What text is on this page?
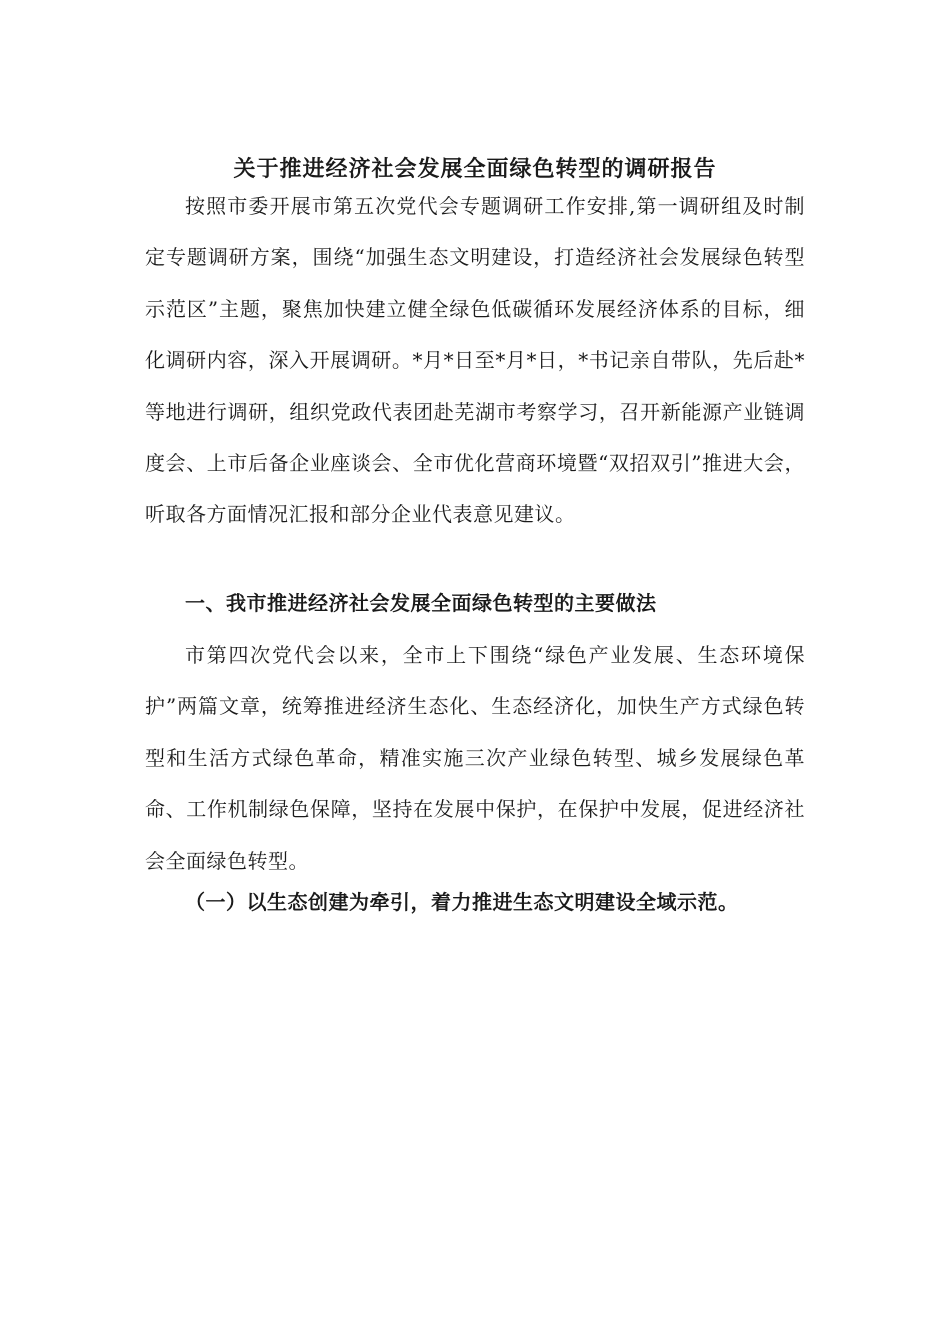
关于推进经济社会发展全面绿色转型的调研报告

按照市委开展市第五次党代会专题调研工作安排,第一调研组及时制定专题调研方案，围绕“加强生态文明建设，打造经济社会发展绿色转型示范区”主题，聚焦加快建立健全绿色低碳循环发展经济体系的目标，细化调研内容，深入开展调研。*月*日至*月*日，*书记亲自带队，先后赴*等地进行调研，组织党政代表团赴芜湖市考察学习，召开新能源产业链调度会、上市后备企业座谈会、全市优化营商环境暨“双招双引”推进大会，听取各方面情况汇报和部分企业代表意见建议。

一、我市推进经济社会发展全面绿色转型的主要做法

市第四次党代会以来，全市上下围绕“绿色产业发展、生态环境保护”两篇文章，统筹推进经济生态化、生态经济化，加快生产方式绿色转型和生活方式绿色革命，精准实施三次产业绿色转型、城乡发展绿色革命、工作机制绿色保障，坚持在发展中保护，在保护中发展，促进经济社会全面绿色转型。

（一）以生态创建为牵引，着力推进生态文明建设全域示范。
